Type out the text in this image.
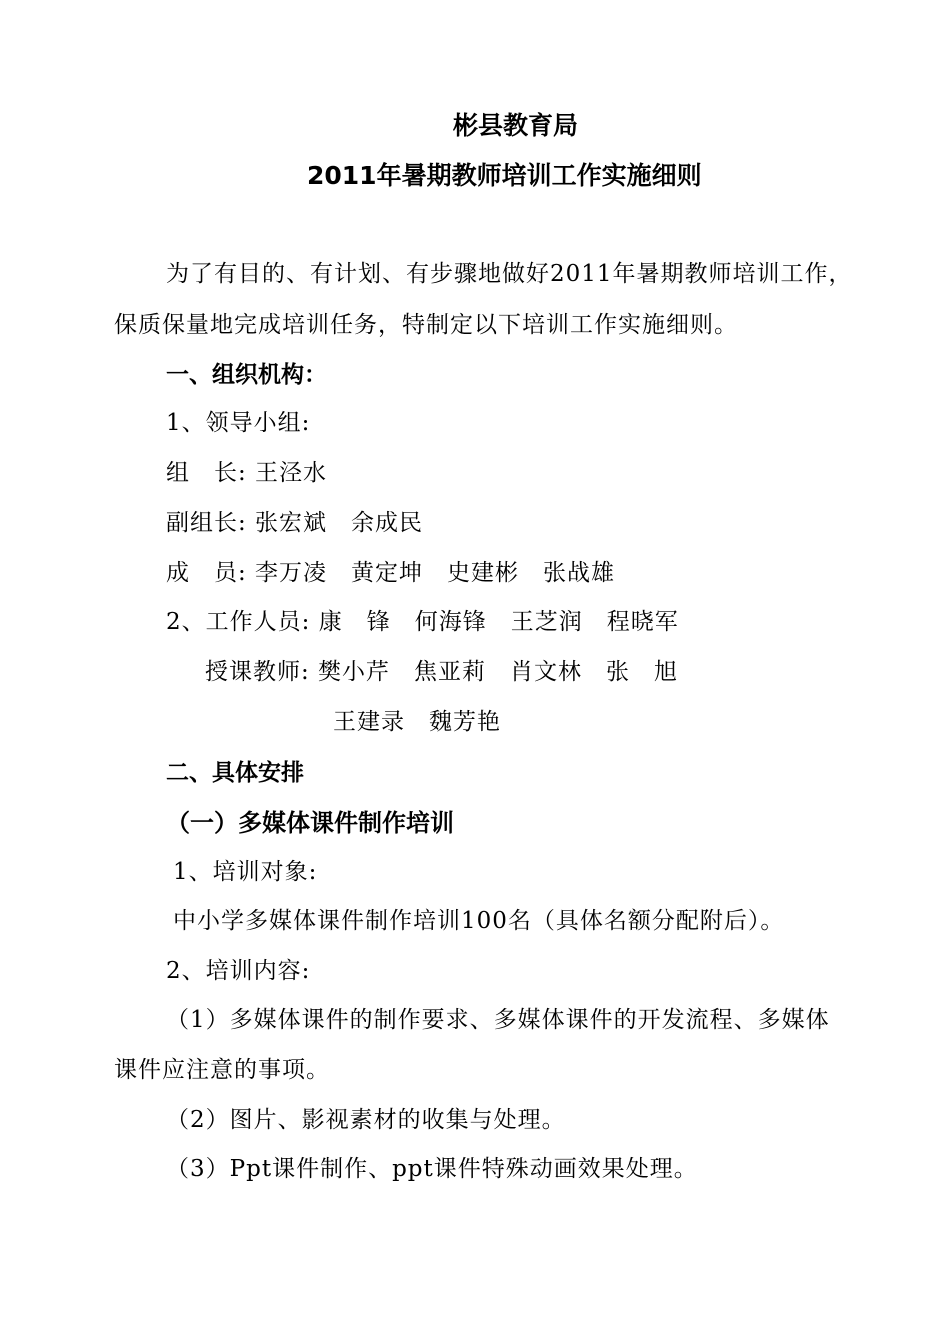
彬县教育局
2011年暑期教师培训工作实施细则
为了有目的、有计划、有步骤地做好2011年暑期教师培训工作，
保质保量地完成培训任务，特制定以下培训工作实施细则。
一、组织机构：
1、领导小组:
组　长: 王泾水
副组长: 张宏斌　余成民
成　员: 李万凌　黄定坤　史建彬　张战雄
2、工作人员: 康　锋　何海锋　王芝润　程晓军
授课教师: 樊小芹　焦亚莉　肖文林　张　旭
王建录　魏芳艳
二、具体安排
（一）多媒体课件制作培训
1、培训对象:
中小学多媒体课件制作培训100名（具体名额分配附后）。
2、培训内容:
（1）多媒体课件的制作要求、多媒体课件的开发流程、多媒体
课件应注意的事项。
（2）图片、影视素材的收集与处理。
（3）Ppt课件制作、ppt课件特殊动画效果处理。
